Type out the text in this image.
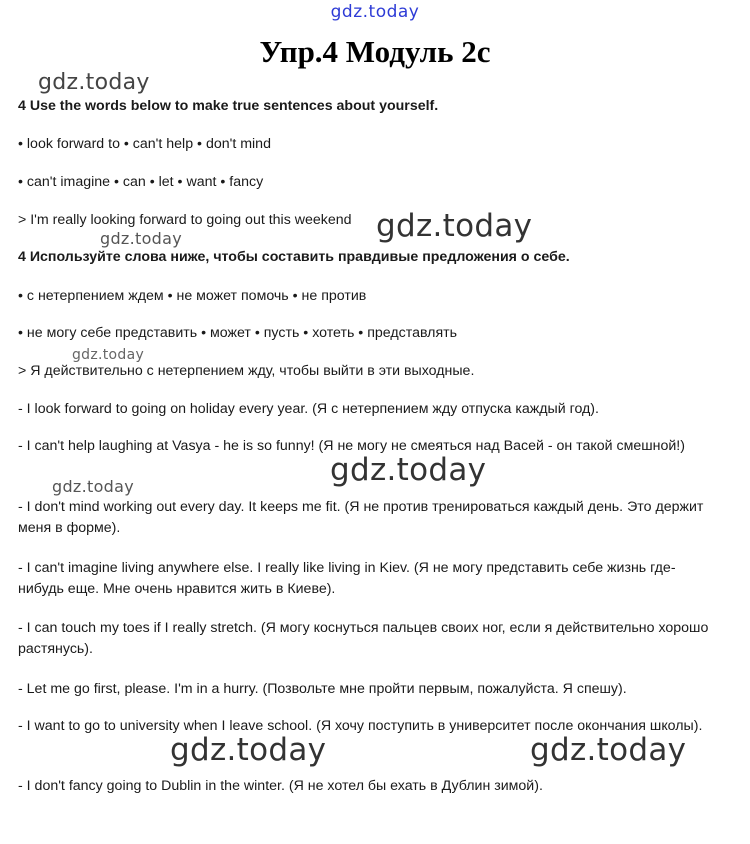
gdz.today
Упр.4 Модуль 2с
4 Use the words below to make true sentences about yourself.
• look forward to • can't help • don't mind
• can't imagine • can • let • want • fancy
> I'm really looking forward to going out this weekend
4 Используйте слова ниже, чтобы составить правдивые предложения о себе.
• с нетерпением ждем • не может помочь • не против
• не могу себе представить • может • пусть • хотеть • представлять
> Я действительно с нетерпением жду, чтобы выйти в эти выходные.
- I look forward to going on holiday every year. (Я с нетерпением жду отпуска каждый год).
- I can't help laughing at Vasya - he is so funny! (Я не могу не смеяться над Васей - он такой смешной!)
- I don't mind working out every day. It keeps me fit. (Я не против тренироваться каждый день. Это держит меня в форме).
- I can't imagine living anywhere else. I really like living in Kiev. (Я не могу представить себе жизнь где-нибудь еще. Мне очень нравится жить в Киеве).
- I can touch my toes if I really stretch. (Я могу коснуться пальцев своих ног, если я действительно хорошо растянусь).
- Let me go first, please. I'm in a hurry. (Позвольте мне пройти первым, пожалуйста. Я спешу).
- I want to go to university when I leave school. (Я хочу поступить в университет после окончания школы).
- I don't fancy going to Dublin in the winter. (Я не хотел бы ехать в Дублин зимой).
gdz.today
gdz.today
gdz.today
gdz.today
gdz.today
gdz.today
gdz.today	gdz.today
